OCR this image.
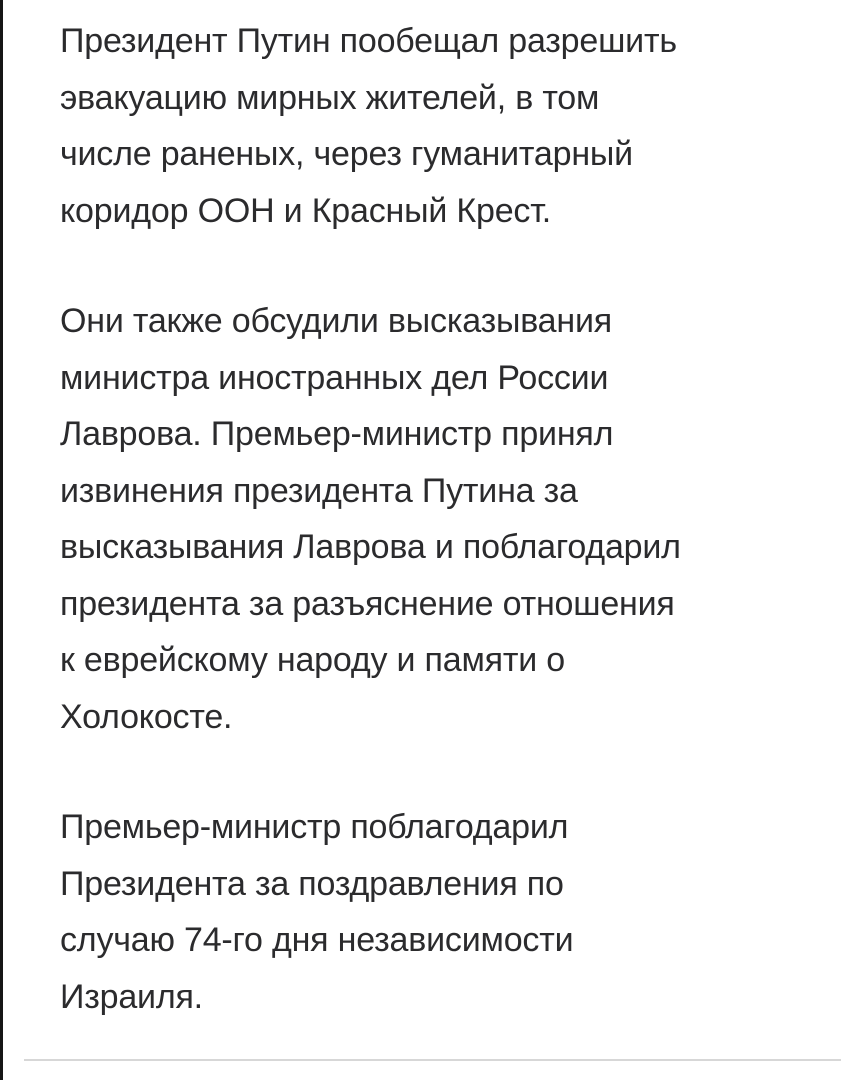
Президент Путин пообещал разрешить
эвакуацию мирных жителей, в том
числе раненых, через гуманитарный
коридор ООН и Красный Крест.
Они также обсудили высказывания
министра иностранных дел России
Лаврова. Премьер-министр принял
извинения президента Путина за
высказывания Лаврова и поблагодарил
президента за разъяснение отношения
к еврейскому народу и памяти о
Холокосте.
Премьер-министр поблагодарил
Президента за поздравления по
случаю 74-го дня независимости
Израиля.
